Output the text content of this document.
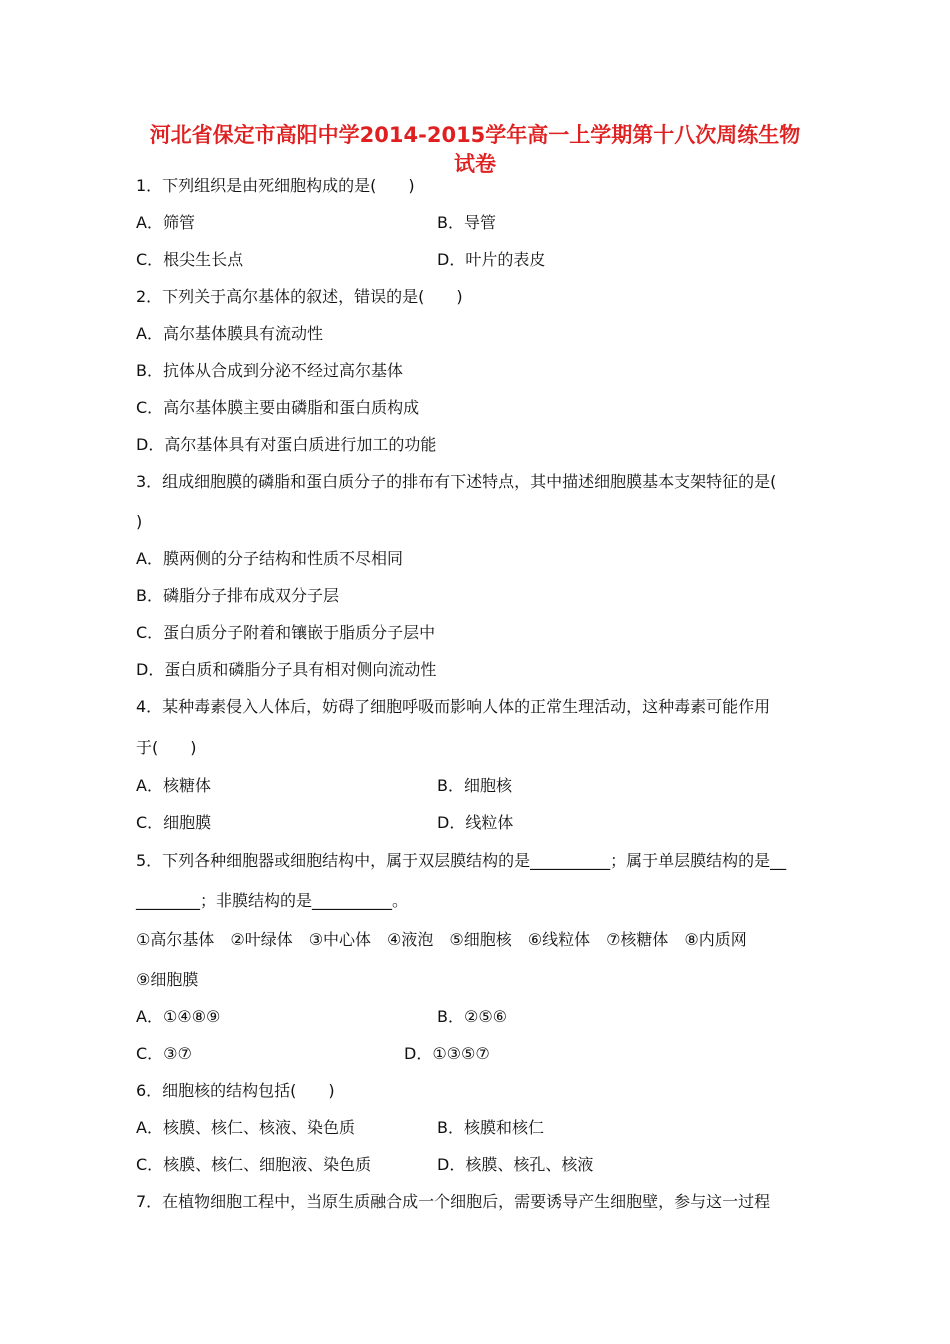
河北省保定市高阳中学2014-2015学年高一上学期第十八次周练生物
试卷
1．下列组织是由死细胞构成的是(　　)
A．筛管	B．导管
C．根尖生长点	D．叶片的表皮
2．下列关于高尔基体的叙述，错误的是(　　)
A．高尔基体膜具有流动性
B．抗体从合成到分泌不经过高尔基体
C．高尔基体膜主要由磷脂和蛋白质构成
D．高尔基体具有对蛋白质进行加工的功能
3．组成细胞膜的磷脂和蛋白质分子的排布有下述特点，其中描述细胞膜基本支架特征的是(
)
A．膜两侧的分子结构和性质不尽相同
B．磷脂分子排布成双分子层
C．蛋白质分子附着和镶嵌于脂质分子层中
D．蛋白质和磷脂分子具有相对侧向流动性
4．某种毒素侵入人体后，妨碍了细胞呼吸而影响人体的正常生理活动，这种毒素可能作用
于(　　)
A．核糖体	B．细胞核
C．细胞膜	D．线粒体
5．下列各种细胞器或细胞结构中，属于双层膜结构的是__________；属于单层膜结构的是__
________；非膜结构的是__________。
①高尔基体　②叶绿体　③中心体　④液泡　⑤细胞核　⑥线粒体　⑦核糖体　⑧内质网
⑨细胞膜
A．①④⑧⑨	B．②⑤⑥
C．③⑦	D．①③⑤⑦
6．细胞核的结构包括(　　)
A．核膜、核仁、核液、染色质	B．核膜和核仁
C．核膜、核仁、细胞液、染色质	D．核膜、核孔、核液
7．在植物细胞工程中，当原生质融合成一个细胞后，需要诱导产生细胞壁，参与这一过程
